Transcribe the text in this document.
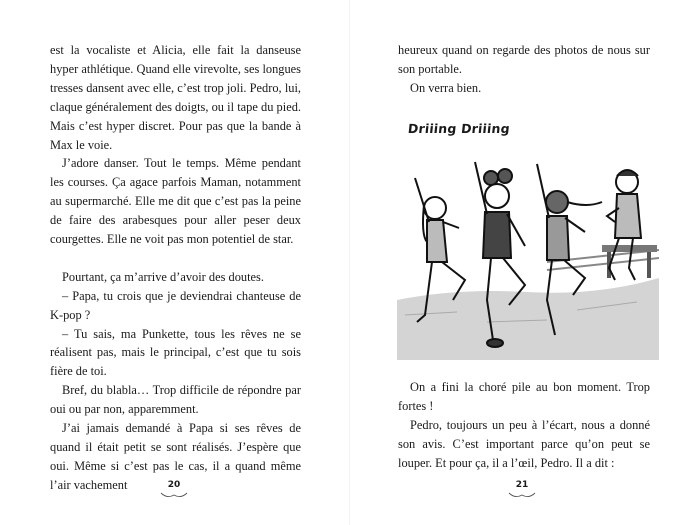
est la vocaliste et Alicia, elle fait la danseuse hyper athlétique. Quand elle virevolte, ses longues tresses dansent avec elle, c’est trop joli. Pedro, lui, claque généralement des doigts, ou il tape du pied. Mais c’est hyper discret. Pour pas que la bande à Max le voie.

J’adore danser. Tout le temps. Même pendant les courses. Ça agace parfois Maman, notamment au supermarché. Elle me dit que c’est pas la peine de faire des arabesques pour aller peser deux courgettes. Elle ne voit pas mon potentiel de star.

Pourtant, ça m’arrive d’avoir des doutes.

– Papa, tu crois que je deviendrai chanteuse de K-pop ?

– Tu sais, ma Punkette, tous les rêves ne se réalisent pas, mais le principal, c’est que tu sois fière de toi.

Bref, du blabla… Trop difficile de répondre par oui ou par non, apparemment.

J’ai jamais demandé à Papa si ses rêves de quand il était petit se sont réalisés. J’espère que oui. Même si c’est pas le cas, il a quand même l’air vachement	20

heureux quand on regarde des photos de nous sur son portable.

On verra bien.

Driiing Driiing

On a fini la choré pile au bon moment. Trop fortes !

Pedro, toujours un peu à l’écart, nous a donné son avis. C’est important parce qu’on peut se louper. Et pour ça, il a l’œil, Pedro. Il a dit :

21
